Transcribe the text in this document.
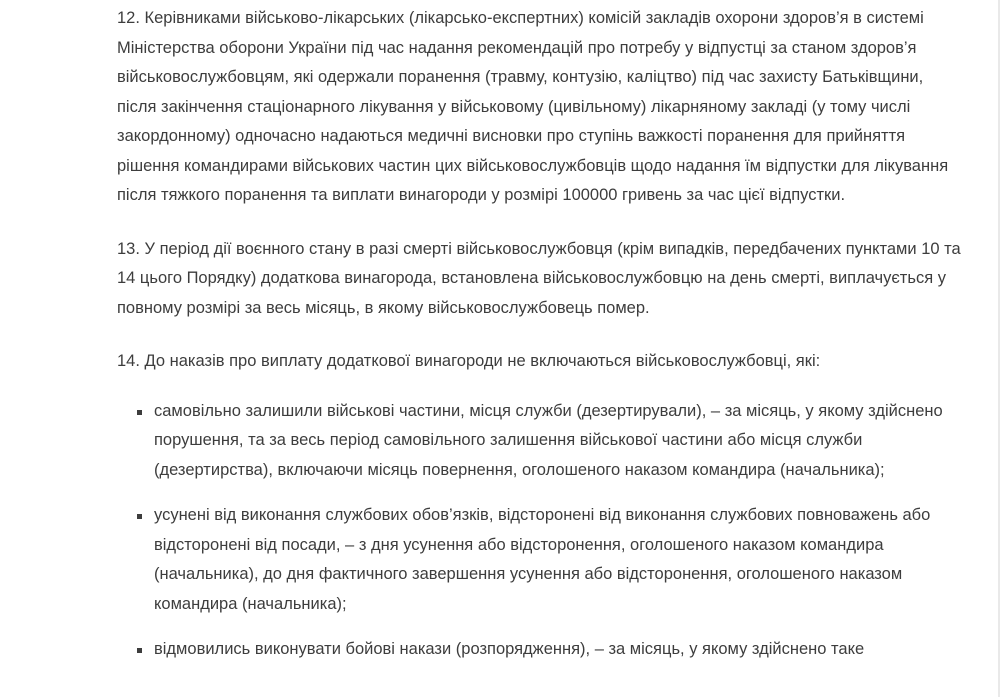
12. Керівниками військово-лікарських (лікарсько-експертних) комісій закладів охорони здоров’я в системі Міністерства оборони України під час надання рекомендацій про потребу у відпустці за станом здоров’я військовослужбовцям, які одержали поранення (травму, контузію, каліцтво) під час захисту Батьківщини, після закінчення стаціонарного лікування у військовому (цивільному) лікарняному закладі (у тому числі закордонному) одночасно надаються медичні висновки про ступінь важкості поранення для прийняття рішення командирами військових частин цих військовослужбовців щодо надання їм відпустки для лікування після тяжкого поранення та виплати винагороди у розмірі 100000 гривень за час цієї відпустки.

13. У період дії воєнного стану в разі смерті військовослужбовця (крім випадків, передбачених пунктами 10 та 14 цього Порядку) додаткова винагорода, встановлена військовослужбовцю на день смерті, виплачується у повному розмірі за весь місяць, в якому військовослужбовець помер.

14. До наказів про виплату додаткової винагороди не включаються військовослужбовці, які:

самовільно залишили військові частини, місця служби (дезертирували), – за місяць, у якому здійснено порушення, та за весь період самовільного залишення військової частини або місця служби (дезертирства), включаючи місяць повернення, оголошеного наказом командира (начальника);
усунені від виконання службових обов’язків, відсторонені від виконання службових повноважень або відсторонені від посади, – з дня усунення або відсторонення, оголошеного наказом командира (начальника), до дня фактичного завершення усунення або відсторонення, оголошеного наказом командира (начальника);
відмовились виконувати бойові накази (розпорядження), – за місяць, у якому здійснено таке
